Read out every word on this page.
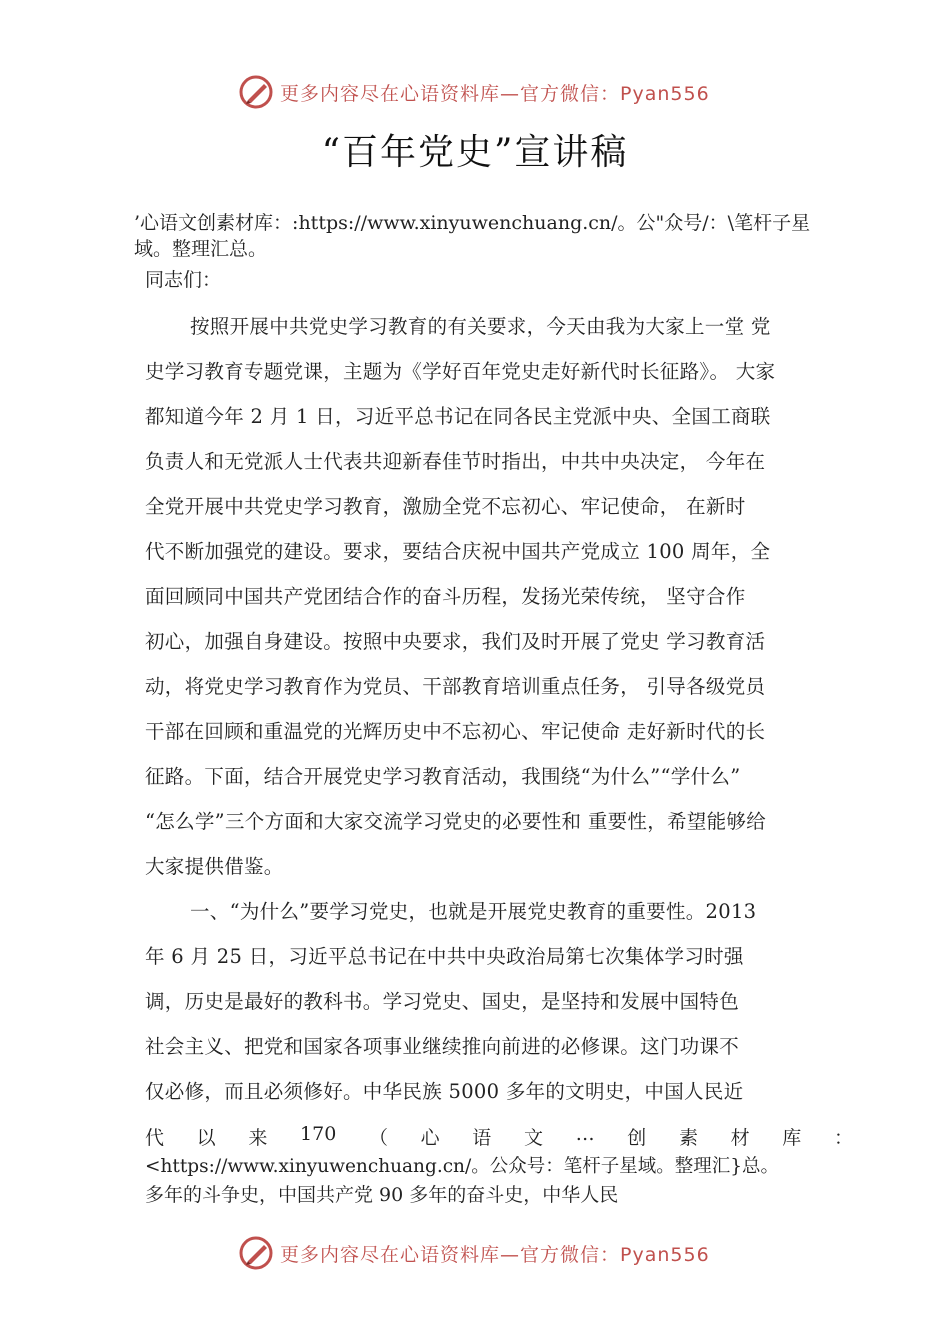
更多内容尽在心语资料库—官方微信：Pyan556
“百年党史”宣讲稿
’心语文创素材库：:https://www.xinyuwenchuang.cn/。公"众号/：\笔杆子星域。整理汇总。
同志们：
按照开展中共党史学习教育的有关要求，今天由我为大家上一堂 党
史学习教育专题党课，主题为《学好百年党史走好新代时长征路》。 大家
都知道今年 2 月 1 日，习近平总书记在同各民主党派中央、全国工商联
负责人和无党派人士代表共迎新春佳节时指出，中共中央决定， 今年在
全党开展中共党史学习教育，激励全党不忘初心、牢记使命， 在新时
代不断加强党的建设。要求，要结合庆祝中国共产党成立 100 周年，全
面回顾同中国共产党团结合作的奋斗历程，发扬光荣传统， 坚守合作
初心，加强自身建设。按照中央要求，我们及时开展了党史 学习教育活
动，将党史学习教育作为党员、干部教育培训重点任务， 引导各级党员
干部在回顾和重温党的光辉历史中不忘初心、牢记使命 走好新时代的长
征路。下面，结合开展党史学习教育活动，我围绕“为什么”“学什么”
“怎么学”三个方面和大家交流学习党史的必要性和 重要性，希望能够给
大家提供借鉴。
一、“为什么”要学习党史，也就是开展党史教育的重要性。2013
年 6 月 25 日，习近平总书记在中共中央政治局第七次集体学习时强
调，历史是最好的教科书。学习党史、国史，是坚持和发展中国特色
社会主义、把党和国家各项事业继续推向前进的必修课。这门功课不
仅必修，而且必须修好。中华民族 5000 多年的文明史，中国人民近
代 以 来 170 （ 心 语 文 … 创 素 材 库 ：
<https://www.xinyuwenchuang.cn/。公众号：笔杆子星域。整理汇}总。
多年的斗争史，中国共产党 90 多年的奋斗史，中华人民
更多内容尽在心语资料库—官方微信：Pyan556
